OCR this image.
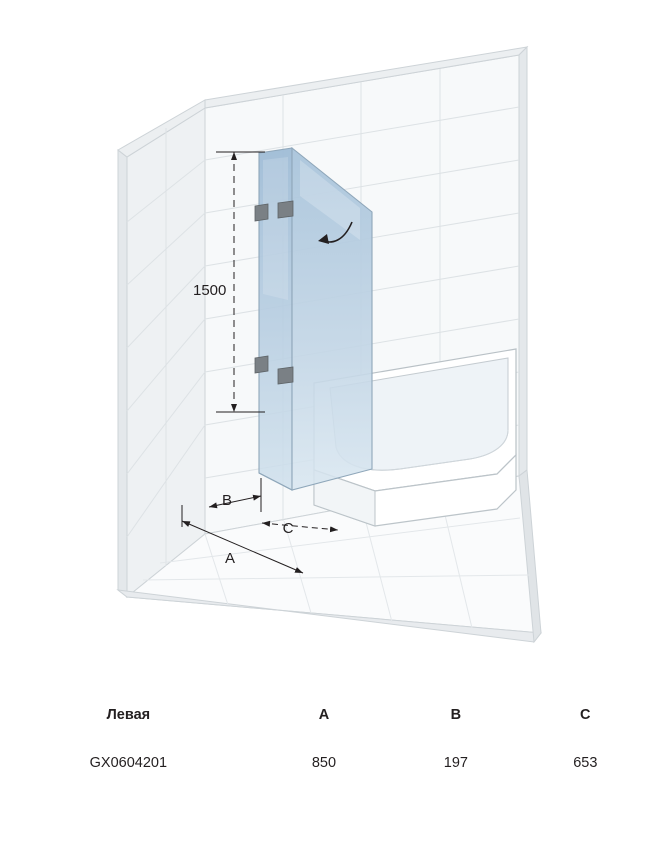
1500
B
C
A
Левая	A	B	C
GX0604201	850	197	653
